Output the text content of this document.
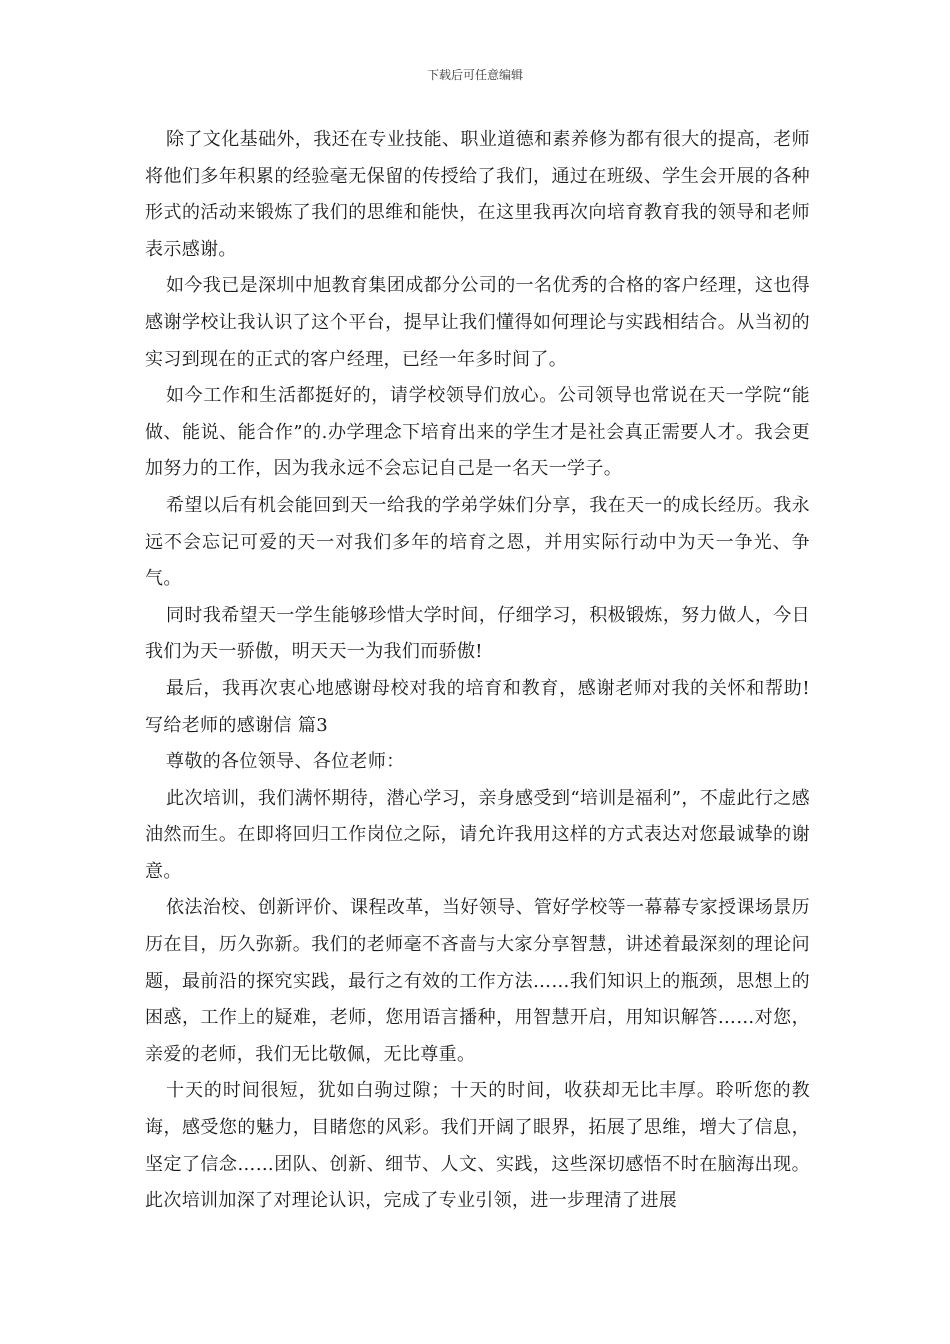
下载后可任意编辑

除了文化基础外，我还在专业技能、职业道德和素养修为都有很大的提高，老师将他们多年积累的经验毫无保留的传授给了我们，通过在班级、学生会开展的各种形式的活动来锻炼了我们的思维和能快，在这里我再次向培育教育我的领导和老师表示感谢。

如今我已是深圳中旭教育集团成都分公司的一名优秀的合格的客户经理，这也得感谢学校让我认识了这个平台，提早让我们懂得如何理论与实践相结合。从当初的实习到现在的正式的客户经理，已经一年多时间了。

如今工作和生活都挺好的，请学校领导们放心。公司领导也常说在天一学院“能做、能说、能合作”的.办学理念下培育出来的学生才是社会真正需要人才。我会更加努力的工作，因为我永远不会忘记自己是一名天一学子。

希望以后有机会能回到天一给我的学弟学妹们分享，我在天一的成长经历。我永远不会忘记可爱的天一对我们多年的培育之恩，并用实际行动中为天一争光、争气。

同时我希望天一学生能够珍惜大学时间，仔细学习，积极锻炼，努力做人，今日我们为天一骄傲，明天天一为我们而骄傲!

最后，我再次衷心地感谢母校对我的培育和教育，感谢老师对我的关怀和帮助!写给老师的感谢信 篇3

尊敬的各位领导、各位老师：

此次培训，我们满怀期待，潜心学习，亲身感受到“培训是福利”，不虚此行之感油然而生。在即将回归工作岗位之际，请允许我用这样的方式表达对您最诚挚的谢意。

依法治校、创新评价、课程改革，当好领导、管好学校等一幕幕专家授课场景历历在目，历久弥新。我们的老师毫不吝啬与大家分享智慧，讲述着最深刻的理论问题，最前沿的探究实践，最行之有效的工作方法……我们知识上的瓶颈，思想上的困惑，工作上的疑难，老师，您用语言播种，用智慧开启，用知识解答……对您，亲爱的老师，我们无比敬佩，无比尊重。

十天的时间很短，犹如白驹过隙；十天的时间，收获却无比丰厚。聆听您的教诲，感受您的魅力，目睹您的风彩。我们开阔了眼界，拓展了思维，增大了信息，坚定了信念……团队、创新、细节、人文、实践，这些深切感悟不时在脑海出现。此次培训加深了对理论认识，完成了专业引领，进一步理清了进展
